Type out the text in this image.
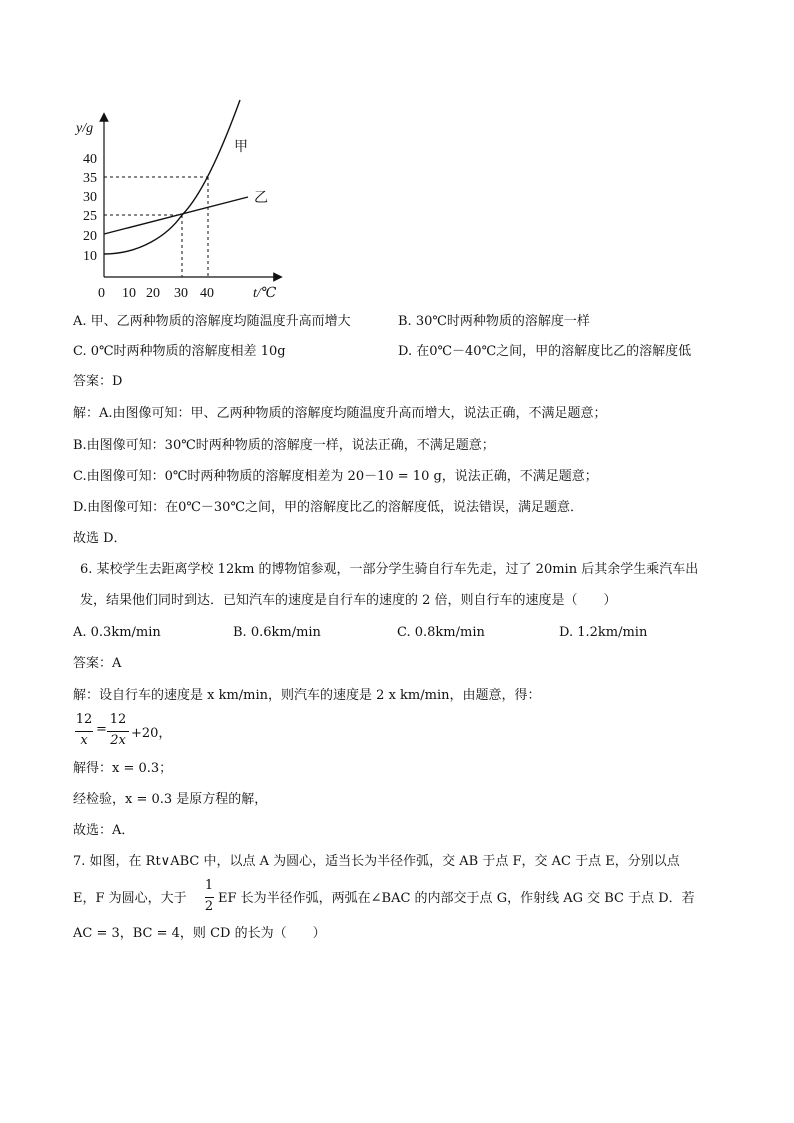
y/g
t/℃
40
35
30
25
20
10
0 10 20 30 40
甲
乙
A. 甲、乙两种物质的溶解度均随温度升高而增大	B. 30℃时两种物质的溶解度一样
C. 0℃时两种物质的溶解度相差 10g	D. 在0℃－40℃之间，甲的溶解度比乙的溶解度低
答案：D
解：A.由图像可知：甲、乙两种物质的溶解度均随温度升高而增大，说法正确，不满足题意；
B.由图像可知：30℃时两种物质的溶解度一样，说法正确，不满足题意；
C.由图像可知：0℃时两种物质的溶解度相差为 20－10 = 10 g，说法正确，不满足题意；
D.由图像可知：在0℃－30℃之间，甲的溶解度比乙的溶解度低，说法错误，满足题意．
故选 D．
6. 某校学生去距离学校 12km 的博物馆参观，一部分学生骑自行车先走，过了 20min 后其余学生乘汽车出
发，结果他们同时到达．已知汽车的速度是自行车的速度的 2 倍，则自行车的速度是（　　）
A. 0.3km/min	B. 0.6km/min	C. 0.8km/min	D. 1.2km/min
答案：A
解：设自行车的速度是 x km/min，则汽车的速度是 2 x km/min，由题意，得：
12
x
=
12
2x +20，
解得：x = 0.3；
经检验，x = 0.3 是原方程的解，
故选：A．
7. 如图，在 Rt∨ABC 中，以点 A 为圆心，适当长为半径作弧，交 AB 于点 F，交 AC 于点 E，分别以点
E，F 为圆心，大于
1
2
EF 长为半径作弧，两弧在∠BAC 的内部交于点 G，作射线 AG 交 BC 于点 D．若
AC = 3，BC = 4，则 CD 的长为（　　）
